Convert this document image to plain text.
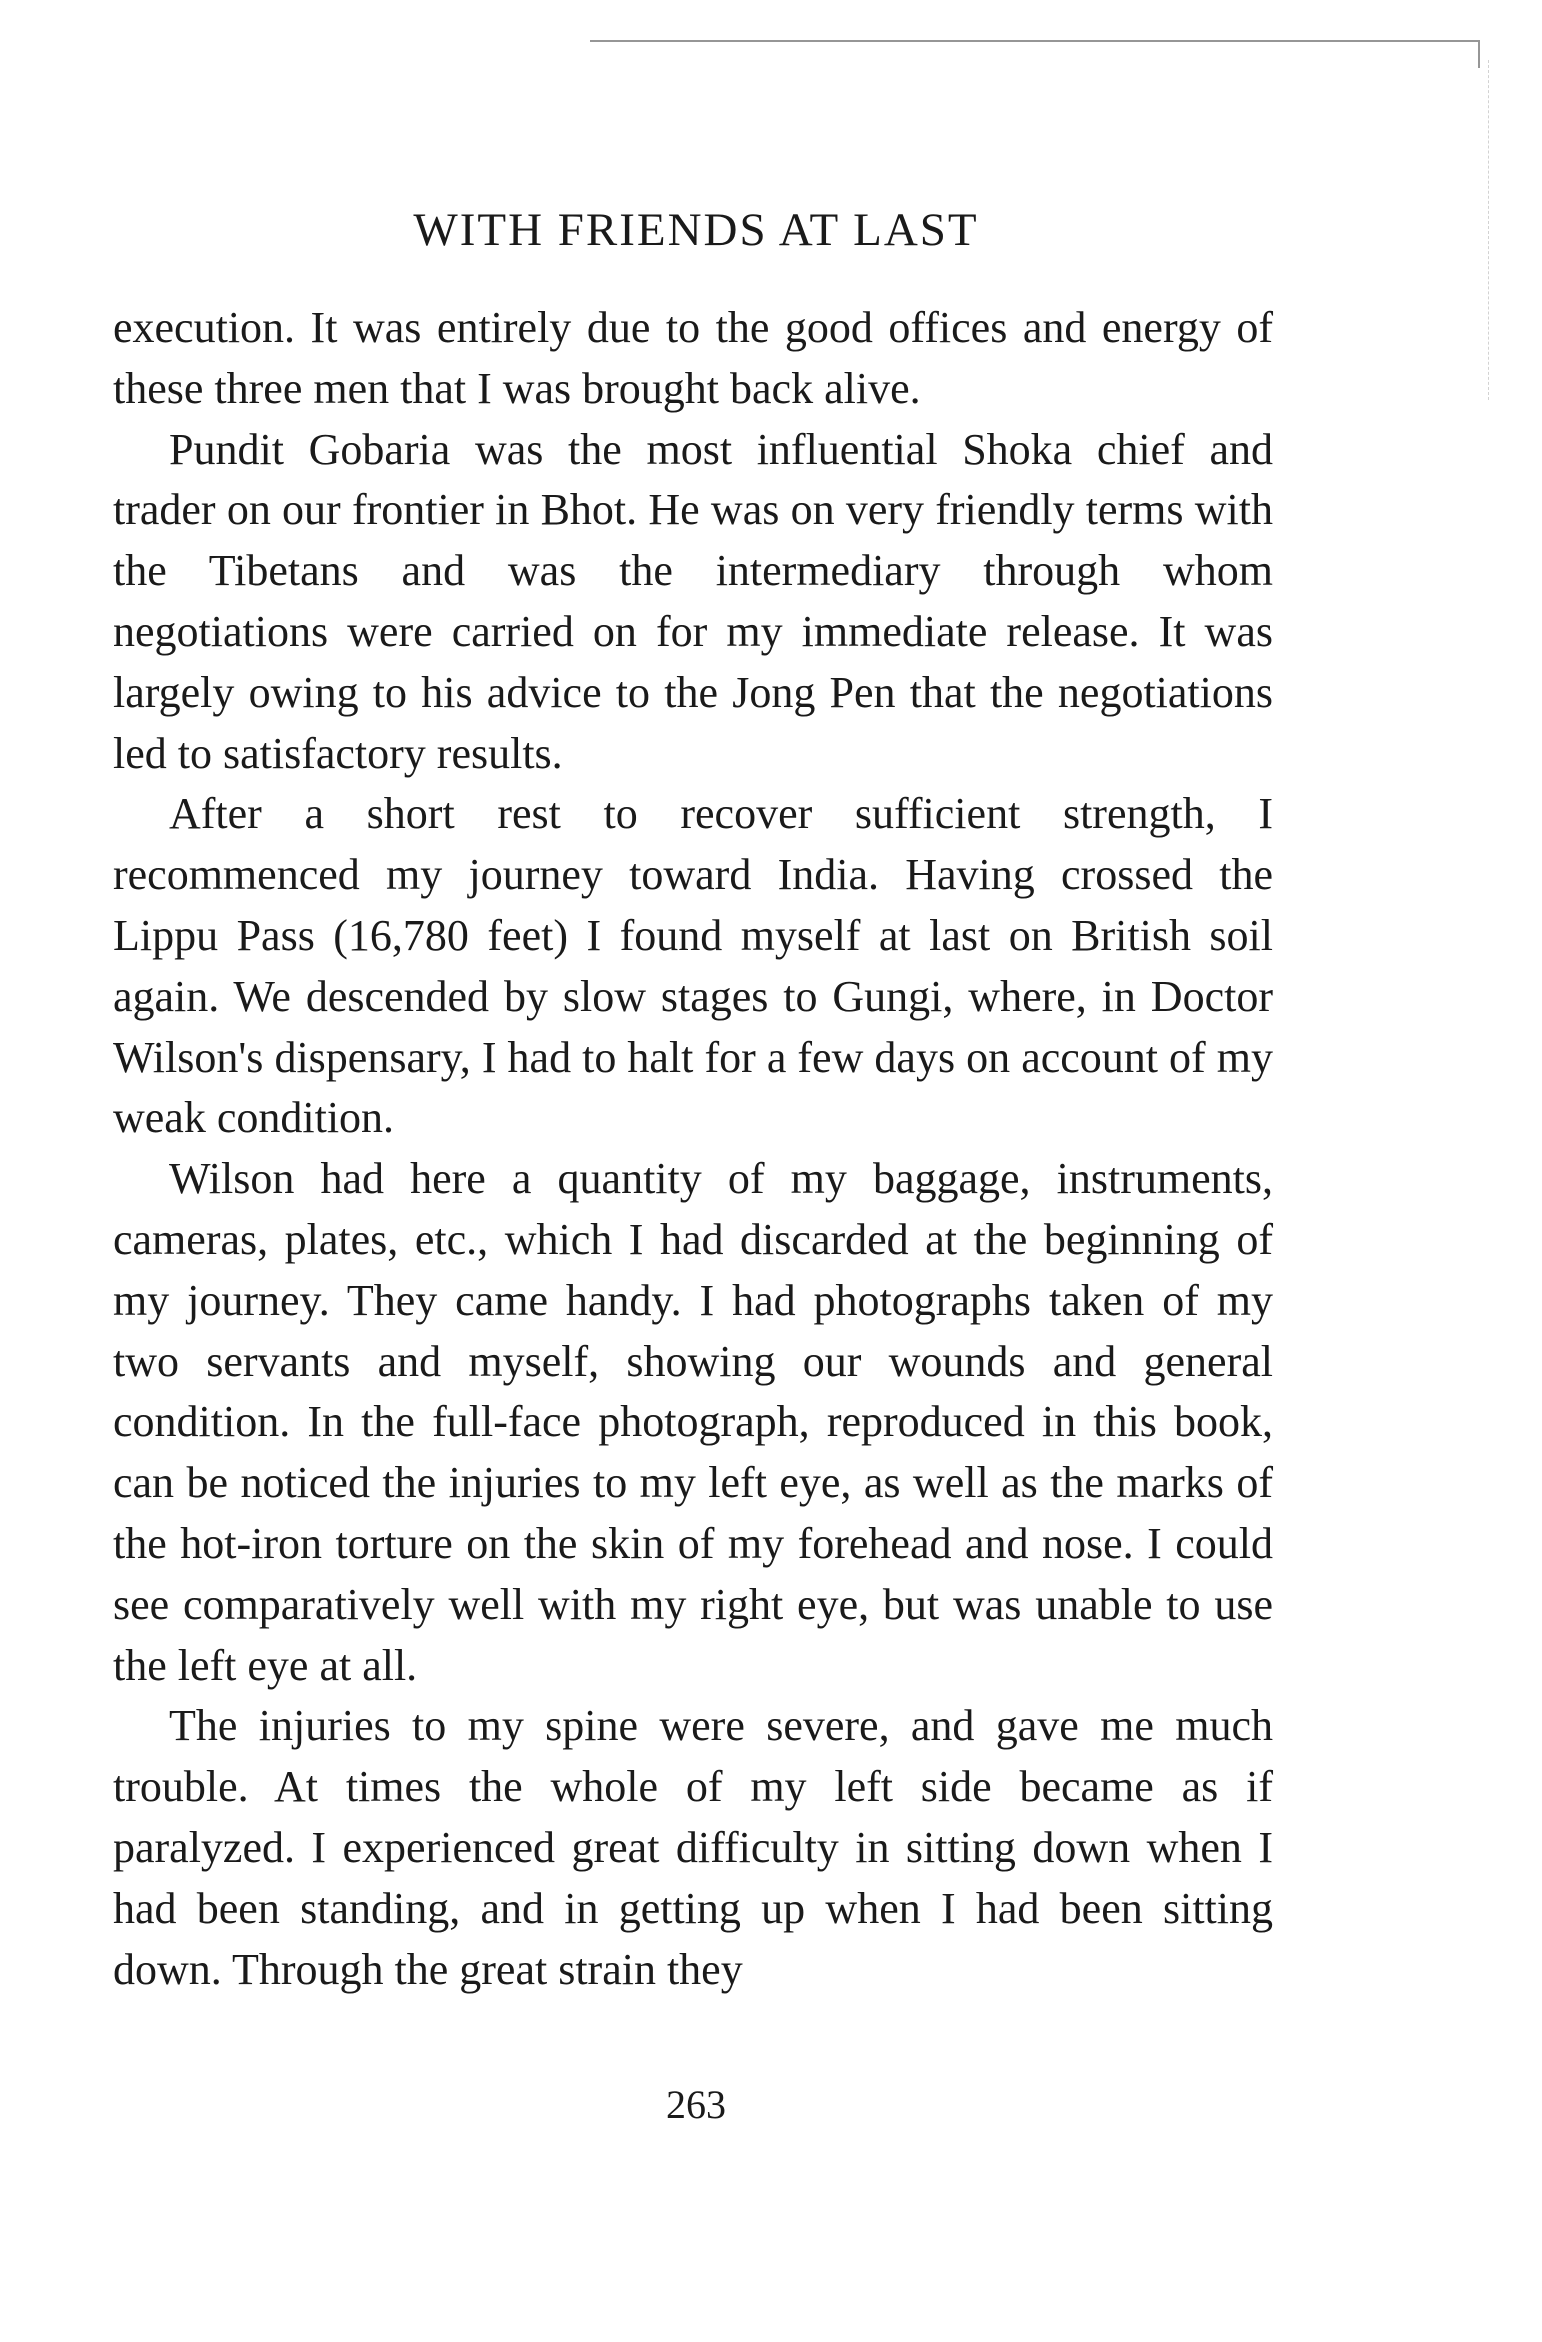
WITH FRIENDS AT LAST

execution. It was entirely due to the good offices and energy of these three men that I was brought back alive.

Pundit Gobaria was the most influential Shoka chief and trader on our frontier in Bhot. He was on very friendly terms with the Tibetans and was the intermediary through whom negotiations were carried on for my immediate release. It was largely owing to his advice to the Jong Pen that the negotiations led to satisfactory results.

After a short rest to recover sufficient strength, I recommenced my journey toward India. Having crossed the Lippu Pass (16,780 feet) I found myself at last on British soil again. We descended by slow stages to Gungi, where, in Doctor Wilson's dispensary, I had to halt for a few days on account of my weak condition.

Wilson had here a quantity of my baggage, instruments, cameras, plates, etc., which I had discarded at the beginning of my journey. They came handy. I had photographs taken of my two servants and myself, showing our wounds and general condition. In the full-face photograph, reproduced in this book, can be noticed the injuries to my left eye, as well as the marks of the hot-iron torture on the skin of my forehead and nose. I could see comparatively well with my right eye, but was unable to use the left eye at all.

The injuries to my spine were severe, and gave me much trouble. At times the whole of my left side became as if paralyzed. I experienced great difficulty in sitting down when I had been standing, and in getting up when I had been sitting down. Through the great strain they

263
